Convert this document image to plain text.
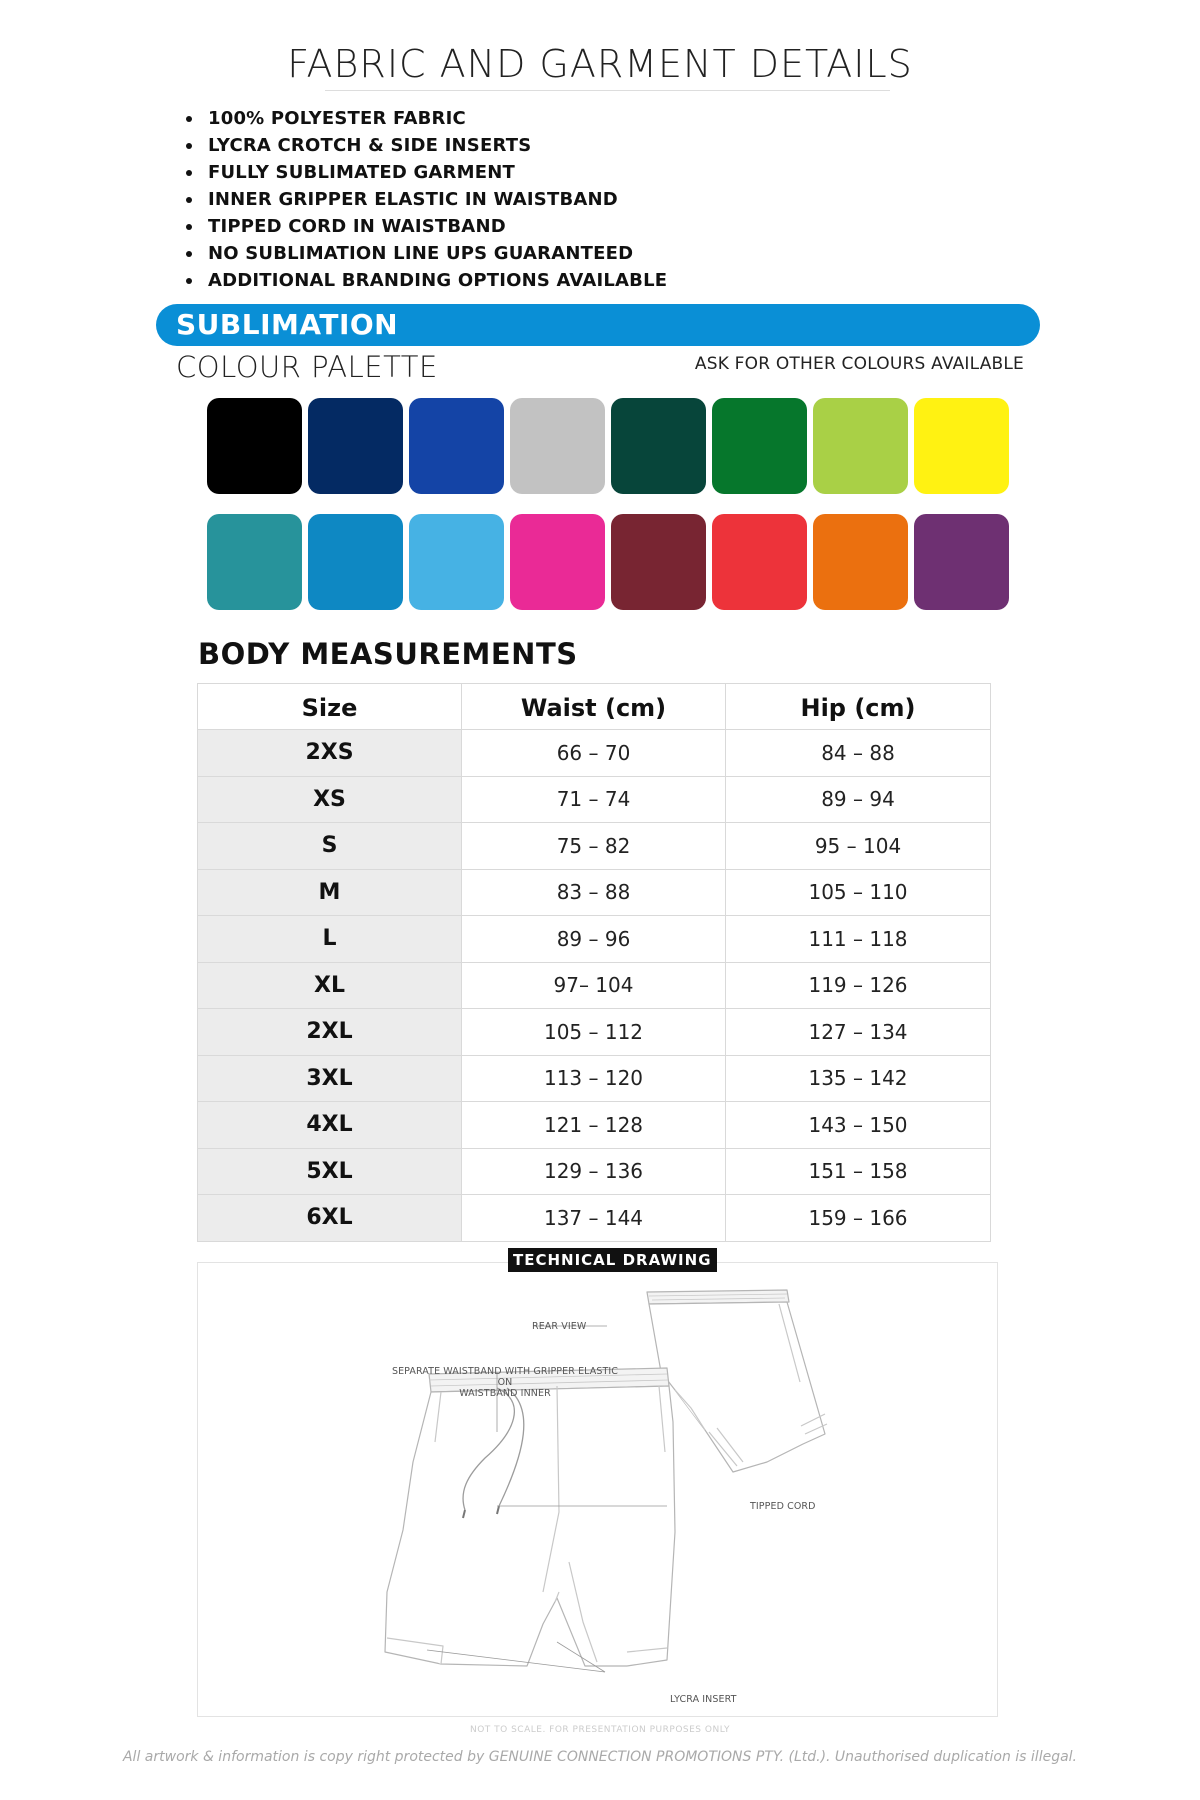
FABRIC AND GARMENT DETAILS
100% POLYESTER FABRIC
LYCRA CROTCH & SIDE INSERTS
FULLY SUBLIMATED GARMENT
INNER GRIPPER ELASTIC IN WAISTBAND
TIPPED CORD IN WAISTBAND
NO SUBLIMATION LINE UPS GUARANTEED
ADDITIONAL BRANDING OPTIONS AVAILABLE
SUBLIMATION
COLOUR PALETTE	ASK FOR OTHER COLOURS AVAILABLE
BODY MEASUREMENTS
Size	Waist (cm)	Hip (cm)
2XS	66 – 70	84 – 88
XS	71 – 74	89 – 94
S	75 – 82	95 – 104
M	83 – 88	105 – 110
L	89 – 96	111 – 118
XL	97– 104	119 – 126
2XL	105 – 112	127 – 134
3XL	113 – 120	135 – 142
4XL	121 – 128	143 – 150
5XL	129 – 136	151 – 158
6XL	137 – 144	159 – 166
TECHNICAL DRAWING
REAR VIEW
SEPARATE WAISTBAND WITH GRIPPER ELASTIC ON
WAISTBAND INNER
TIPPED CORD
LYCRA INSERT
NOT TO SCALE. FOR PRESENTATION PURPOSES ONLY
All artwork & information is copy right protected by GENUINE CONNECTION PROMOTIONS PTY. (Ltd.). Unauthorised duplication is illegal.
